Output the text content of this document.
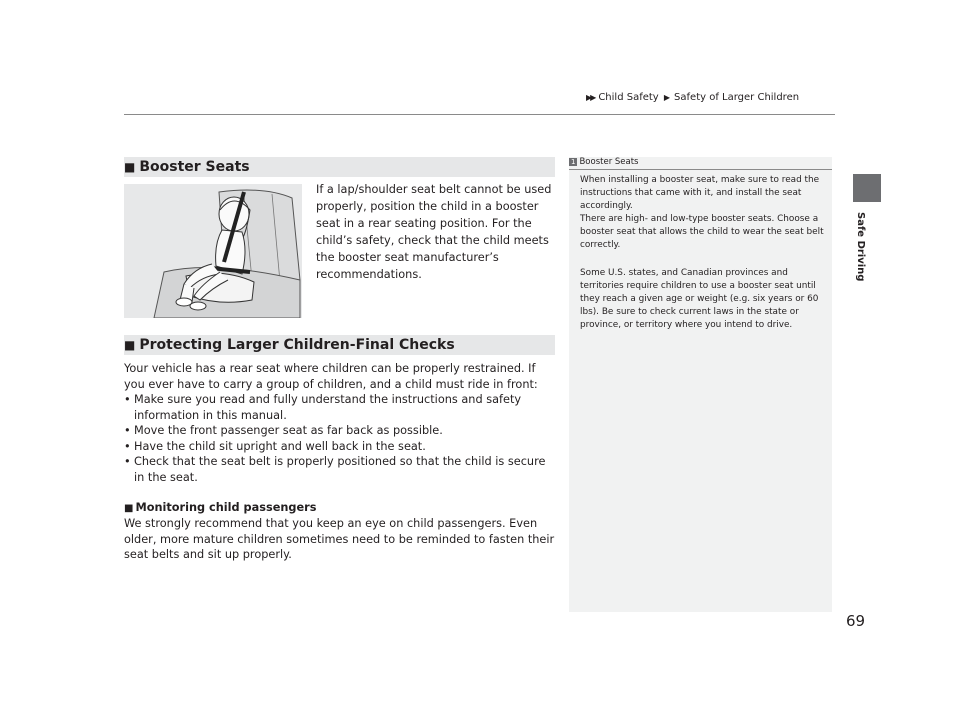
▶▶ Child Safety ▶ Safety of Larger Children
Safe Driving
■ Booster Seats
If a lap/shoulder seat belt cannot be used properly, position the child in a booster seat in a rear seating position. For the child’s safety, check that the child meets the booster seat manufacturer’s recommendations.
■ Protecting Larger Children-Final Checks
Your vehicle has a rear seat where children can be properly restrained. If you ever have to carry a group of children, and a child must ride in front:
• Make sure you read and fully understand the instructions and safety information in this manual.
• Move the front passenger seat as far back as possible.
• Have the child sit upright and well back in the seat.
• Check that the seat belt is properly positioned so that the child is secure in the seat.
■ Monitoring child passengers
We strongly recommend that you keep an eye on child passengers. Even older, more mature children sometimes need to be reminded to fasten their seat belts and sit up properly.
1 Booster Seats
When installing a booster seat, make sure to read the instructions that came with it, and install the seat accordingly.
There are high- and low-type booster seats. Choose a booster seat that allows the child to wear the seat belt correctly.
Some U.S. states, and Canadian provinces and territories require children to use a booster seat until they reach a given age or weight (e.g. six years or 60 lbs). Be sure to check current laws in the state or province, or territory where you intend to drive.
69
